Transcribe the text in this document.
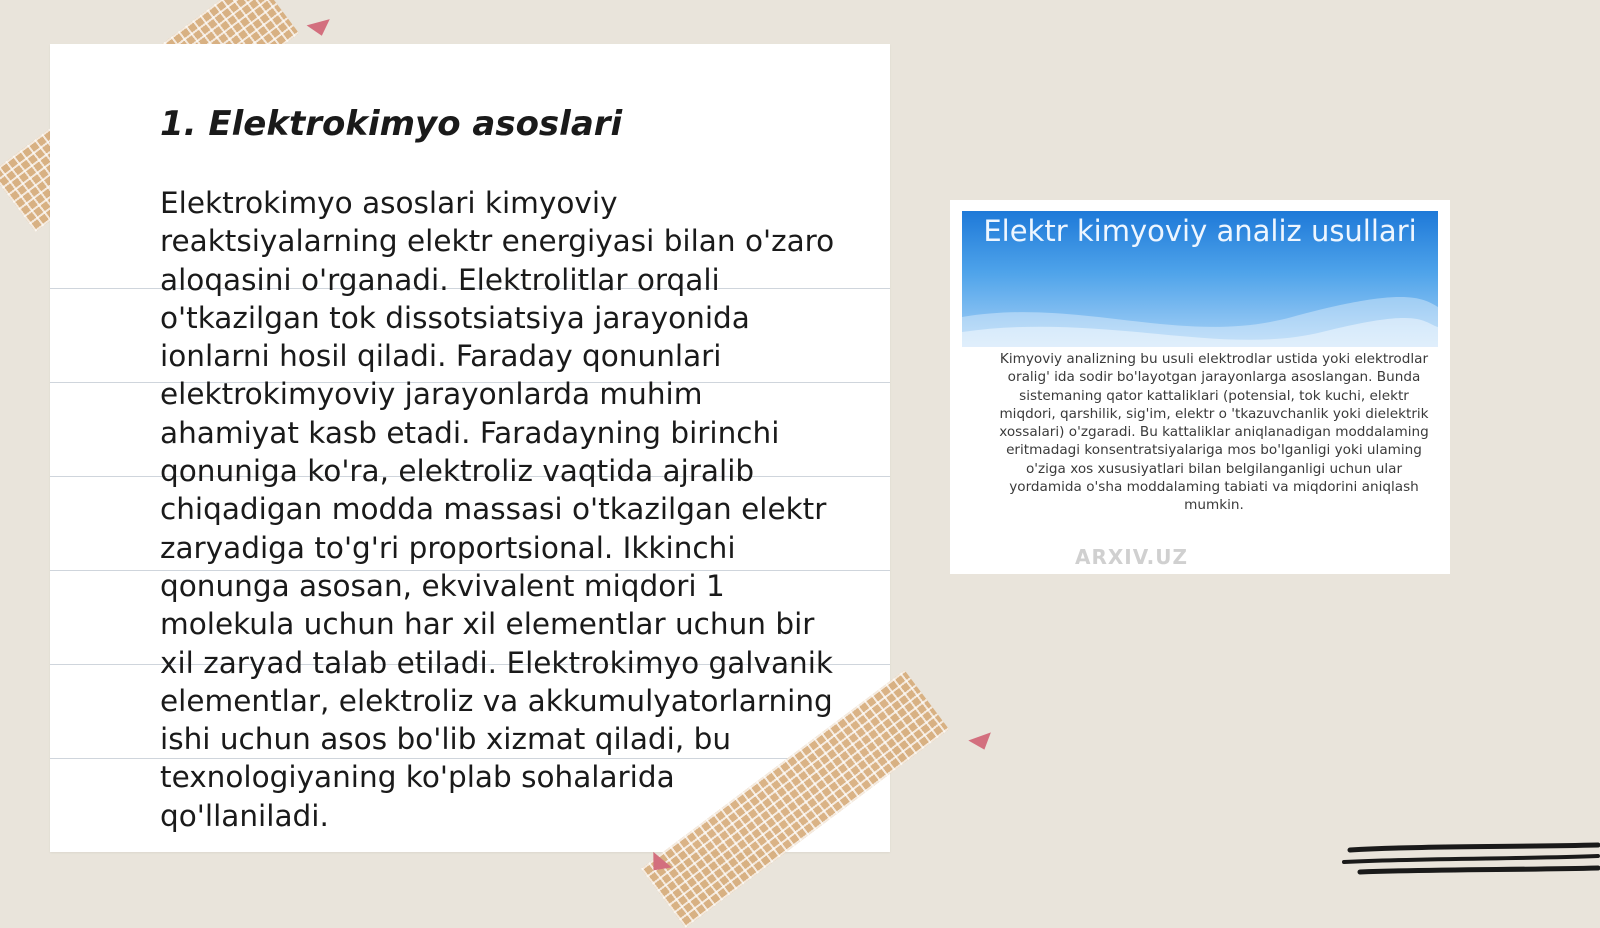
1. Elektrokimyo asoslari

Elektrokimyo asoslari kimyoviy reaktsiyalarning elektr energiyasi bilan o'zaro aloqasini o'rganadi. Elektrolitlar orqali o'tkazilgan tok dissotsiatsiya jarayonida ionlarni hosil qiladi. Faraday qonunlari elektrokimyoviy jarayonlarda muhim ahamiyat kasb etadi. Faradayning birinchi qonuniga ko'ra, elektroliz vaqtida ajralib chiqadigan modda massasi o'tkazilgan elektr zaryadiga to'g'ri proportsional. Ikkinchi qonunga asosan, ekvivalent miqdori 1 molekula uchun har xil elementlar uchun bir xil zaryad talab etiladi. Elektrokimyo galvanik elementlar, elektroliz va akkumulyatorlarning ishi uchun asos bo'lib xizmat qiladi, bu texnologiyaning ko'plab sohalarida qo'llaniladi.

Elektr kimyoviy analiz usullari

Kimyoviy analizning bu usuli elektrodlar ustida yoki elektrodlar oralig' ida sodir bo'layotgan jarayonlarga asoslangan. Bunda sistemaning qator kattaliklari (potensial, tok kuchi, elektr miqdori, qarshilik, sig'im, elektr o 'tkazuvchanlik yoki dielektrik xossalari) o'zgaradi. Bu kattaliklar aniqlanadigan moddalaming eritmadagi konsentratsiyalariga mos bo'lganligi yoki ulaming o'ziga xos xususiyatlari bilan belgilanganligi uchun ular yordamida o'sha moddalaming tabiati va miqdorini aniqlash mumkin.

ARXIV.UZ
